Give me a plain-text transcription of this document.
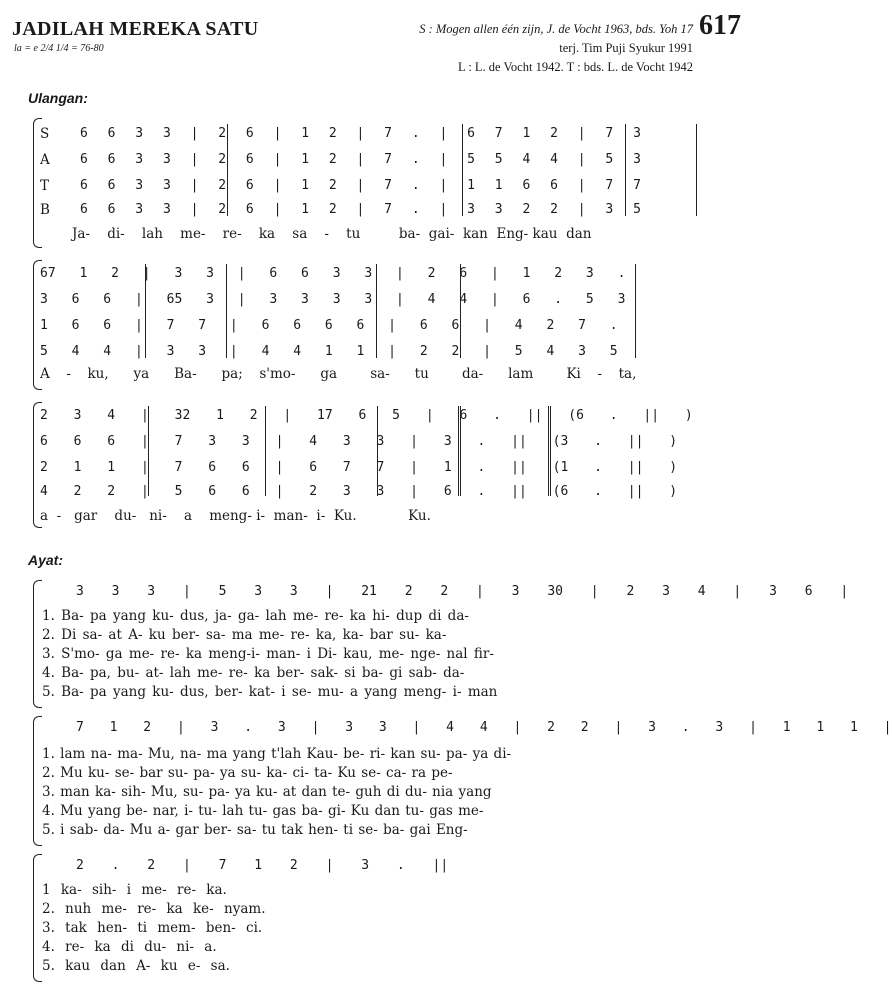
JADILAH MEREKA SATU
la = e 2/4 1/4 = 76-80
S : Mogen allen één zijn, J. de Vocht 1963, bds. Yoh 17
terj. Tim Puji Syukur 1991
L : L. de Vocht 1942. T : bds. L. de Vocht 1942
617
Ulangan:
S
A
T
B
6 6 3 3 | 2 6 | 1 2 | 7 . | 6 7 1 2 | 7 3
6 6 3 3 | 2 6 | 1 2 | 7 . | 5 5 4 4 | 5 3
6 6 3 3 | 2 6 | 1 2 | 7 . | 1 1 6 6 | 7 7
6 6 3 3 | 2 6 | 1 2 | 7 . | 3 3 2 2 | 3 5
Ja- di- lah me- re- ka sa - tu	ba- gai- kan Eng- kau dan
67 1 2 | 3 3 | 6 6 3 3 | 2 6 | 1 2 3 .
3 6 6 | 65 3 | 3 3 3 3 | 4 4 | 6 . 5 3
1 6 6 | 7 7 | 6 6 6 6 | 6 6 | 4 2 7 .
5 4 4 | 3 3 | 4 4 1 1 | 2 2 | 5 4 3 5
A - ku, ya Ba- pa; s'mo- ga sa- tu da- lam Ki - ta,
2 3 4 | 32 1 2 | 17 6 5 | 6 . || (6 . || )
6 6 6 | 7 3 3 | 4 3 3 | 3 . || (3 . || )
2 1 1 | 7 6 6 | 6 7 7 | 1 . || (1 . || )
4 2 2 | 5 6 6 | 2 3 3 | 6 . || (6 . || )
a - gar du- ni- a meng- i- man- i- Ku.	Ku.
Ayat:
3 3 3 | 5 3 3 | 21 2 2 | 3 30 | 2 3 4 | 3 6 |
1. Ba- pa yang ku- dus, ja- ga- lah me- re- ka hi- dup di da-
2. Di sa- at A- ku ber- sa- ma me- re- ka, ka- bar su- ka-
3. S'mo- ga me- re- ka meng-i- man- i Di- kau, me- nge- nal fir-
4. Ba- pa, bu- at- lah me- re- ka ber- sak- si ba- gi sab- da-
5. Ba- pa yang ku- dus, ber- kat- i se- mu- a yang meng- i- man
7 1 2 | 3 . 3 | 3 3 | 4 4 | 2 2 | 3 . 3 | 1 1 1 |
1. lam na- ma- Mu, na- ma yang t'lah Kau- be- ri- kan su- pa- ya di-
2. Mu ku- se- bar su- pa- ya su- ka- ci- ta- Ku se- ca- ra pe-
3. man ka- sih- Mu, su- pa- ya ku- at dan te- guh di du- nia yang
4. Mu yang be- nar, i- tu- lah tu- gas ba- gi- Ku dan tu- gas me-
5. i sab- da- Mu a- gar ber- sa- tu tak hen- ti se- ba- gai Eng-
2 . 2 | 7 1 2 | 3 . ||
1 ka- sih- i me- re- ka.
2. nuh me- re- ka ke- nyam.
3. tak hen- ti mem- ben- ci.
4. re- ka di du- ni- a.
5. kau dan A- ku e- sa.
